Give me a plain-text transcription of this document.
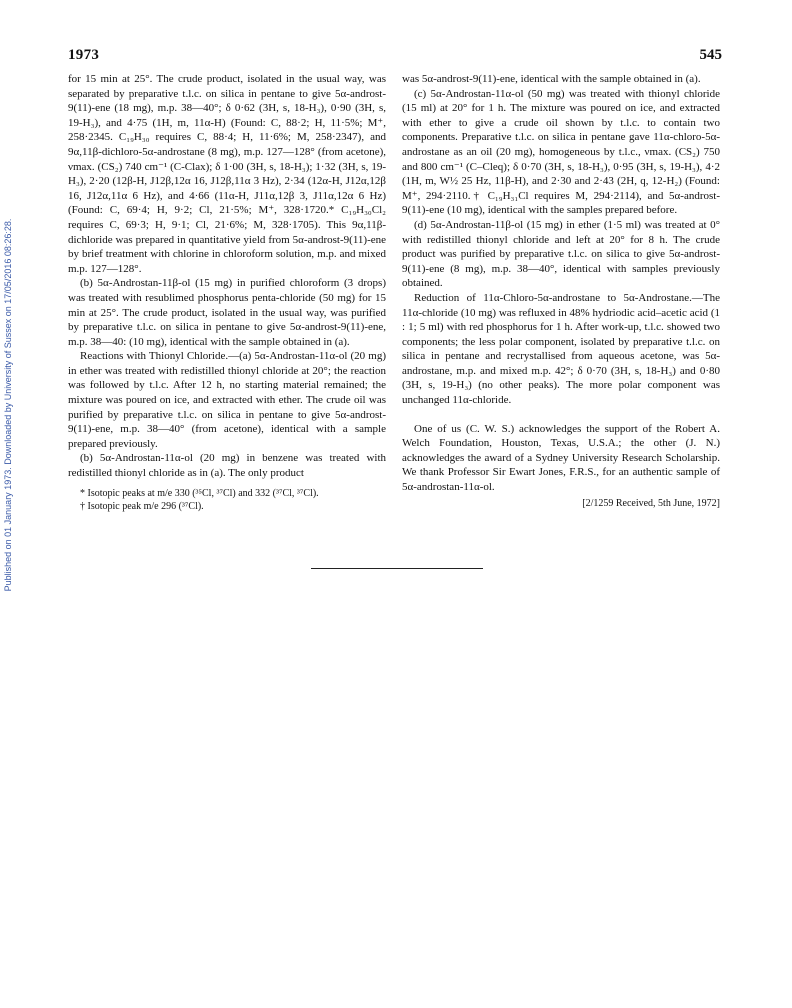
Published on 01 January 1973. Downloaded by University of Sussex on 17/05/2016 08:26:28.
1973	545

for 15 min at 25°. The crude product, isolated in the usual way, was separated by preparative t.l.c. on silica in pentane to give 5α-androst-9(11)-ene (18 mg), m.p. 38—40°; δ 0·62 (3H, s, 18-H₃), 0·90 (3H, s, 19-H₃), and 4·75 (1H, m, 11α-H) (Found: C, 88·2; H, 11·5%; M⁺, 258·2345. C₁₉H₃₀ requires C, 88·4; H, 11·6%; M, 258·2347), and 9α,11β-dichloro-5α-androstane (8 mg), m.p. 127—128° (from acetone), νmax. (CS₂) 740 cm⁻¹ (C-Clax); δ 1·00 (3H, s, 18-H₃); 1·32 (3H, s, 19-H₃), 2·20 (12β-H, J12β,12α 16, J12β,11α 3 Hz), 2·34 (12α-H, J12α,12β 16, J12α,11α 6 Hz), and 4·66 (11α-H, J11α,12β 3, J11α,12α 6 Hz) (Found: C, 69·4; H, 9·2; Cl, 21·5%; M⁺, 328·1720.* C₁₉H₃₀Cl₂ requires C, 69·3; H, 9·1; Cl, 21·6%; M, 328·1705). This 9α,11β-dichloride was prepared in quantitative yield from 5α-androst-9(11)-ene by brief treatment with chlorine in chloroform solution, m.p. and mixed m.p. 127—128°.

(b) 5α-Androstan-11β-ol (15 mg) in purified chloroform (3 drops) was treated with resublimed phosphorus penta-chloride (50 mg) for 15 min at 25°. The crude product, isolated in the usual way, was purified by preparative t.l.c. on silica in pentane to give 5α-androst-9(11)-ene, m.p. 38—40: (10 mg), identical with the sample obtained in (a).

Reactions with Thionyl Chloride.—(a) 5α-Androstan-11α-ol (20 mg) in ether was treated with redistilled thionyl chloride at 20°; the reaction was followed by t.l.c. After 12 h, no starting material remained; the mixture was poured on ice, and extracted with ether. The crude oil was purified by preparative t.l.c. on silica in pentane to give 5α-androst-9(11)-ene, m.p. 38—40° (from acetone), identical with a sample prepared previously.

(b) 5α-Androstan-11α-ol (20 mg) in benzene was treated with redistilled thionyl chloride as in (a). The only product

* Isotopic peaks at m/e 330 (³⁵Cl, ³⁷Cl) and 332 (³⁷Cl, ³⁷Cl).

† Isotopic peak m/e 296 (³⁷Cl).

was 5α-androst-9(11)-ene, identical with the sample obtained in (a).

(c) 5α-Androstan-11α-ol (50 mg) was treated with thionyl chloride (15 ml) at 20° for 1 h. The mixture was poured on ice, and extracted with ether to give a crude oil shown by t.l.c. to contain two components. Preparative t.l.c. on silica in pentane gave 11α-chloro-5α-androstane as an oil (20 mg), homogeneous by t.l.c., νmax. (CS₂) 750 and 800 cm⁻¹ (C–Cleq); δ 0·70 (3H, s, 18-H₃), 0·95 (3H, s, 19-H₃), 4·2 (1H, m, W½ 25 Hz, 11β-H), and 2·30 and 2·43 (2H, q, 12-H₂) (Found: M⁺, 294·2110.† C₁₉H₃₁Cl requires M, 294·2114), and 5α-androst-9(11)-ene (10 mg), identical with the samples prepared before.

(d) 5α-Androstan-11β-ol (15 mg) in ether (1·5 ml) was treated at 0° with redistilled thionyl chloride and left at 20° for 8 h. The crude product was purified by preparative t.l.c. on silica to give 5α-androst-9(11)-ene (8 mg), m.p. 38—40°, identical with samples previously obtained.

Reduction of 11α-Chloro-5α-androstane to 5α-Androstane.—The 11α-chloride (10 mg) was refluxed in 48% hydriodic acid–acetic acid (1 : 1; 5 ml) with red phosphorus for 1 h. After work-up, t.l.c. showed two components; the less polar component, isolated by preparative t.l.c. on silica in pentane and recrystallised from aqueous acetone, was 5α-androstane, m.p. and mixed m.p. 42°; δ 0·70 (3H, s, 18-H₃) and 0·80 (3H, s, 19-H₃) (no other peaks). The more polar component was unchanged 11α-chloride.

One of us (C. W. S.) acknowledges the support of the Robert A. Welch Foundation, Houston, Texas, U.S.A.; the other (J. N.) acknowledges the award of a Sydney University Research Scholarship. We thank Professor Sir Ewart Jones, F.R.S., for an authentic sample of 5α-androstan-11α-ol.

[2/1259 Received, 5th June, 1972]
